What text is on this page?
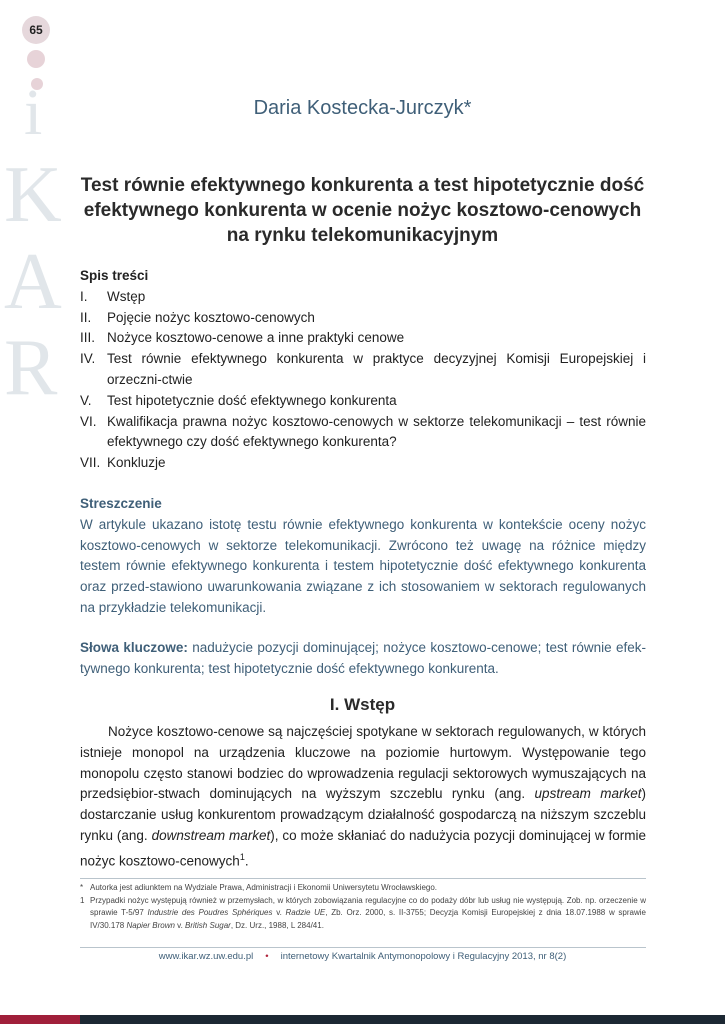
65
i
K
A
R
Daria Kostecka-Jurczyk*
Test równie efektywnego konkurenta a test hipotetycznie dość efektywnego konkurenta w ocenie nożyc kosztowo-cenowych na rynku telekomunikacyjnym
Spis treści
I.	Wstęp
II.	Pojęcie nożyc kosztowo-cenowych
III. Nożyce kosztowo-cenowe a inne praktyki cenowe
IV. Test równie efektywnego konkurenta w praktyce decyzyjnej Komisji Europejskiej i orzeczni-ctwie
V.	Test hipotetycznie dość efektywnego konkurenta
VI. Kwalifikacja prawna nożyc kosztowo-cenowych w sektorze telekomunikacji – test równie efektywnego czy dość efektywnego konkurenta?
VII. Konkluzje
Streszczenie
W artykule ukazano istotę testu równie efektywnego konkurenta w kontekście oceny nożyc kosztowo-cenowych w sektorze telekomunikacji. Zwrócono też uwagę na różnice między testem równie efektywnego konkurenta i testem hipotetycznie dość efektywnego konkurenta oraz przed-stawiono uwarunkowania związane z ich stosowaniem w sektorach regulowanych na przykładzie telekomunikacji.
Słowa kluczowe: nadużycie pozycji dominującej; nożyce kosztowo-cenowe; test równie efek-tywnego konkurenta; test hipotetycznie dość efektywnego konkurenta.
I. Wstęp
Nożyce kosztowo-cenowe są najczęściej spotykane w sektorach regulowanych, w których istnieje monopol na urządzenia kluczowe na poziomie hurtowym. Występowanie tego monopolu często stanowi bodziec do wprowadzenia regulacji sektorowych wymuszających na przedsiębior-stwach dominujących na wyższym szczeblu rynku (ang. upstream market) dostarczanie usług konkurentom prowadzącym działalność gospodarczą na niższym szczeblu rynku (ang. downstream market), co może skłaniać do nadużycia pozycji dominującej w formie nożyc kosztowo-cenowych$^1$.
* Autorka jest adiunktem na Wydziale Prawa, Administracji i Ekonomii Uniwersytetu Wrocławskiego.
1 Przypadki nożyc występują również w przemysłach, w których zobowiązania regulacyjne co do podaży dóbr lub usług nie występują. Zob. np. orzeczenie w sprawie T-5/97 Industrie des Poudres Sphériques v. Radzie UE, Zb. Orz. 2000, s. II-3755; Decyzja Komisji Europejskiej z dnia 18.07.1988 w sprawie IV/30.178 Napier Brown v. British Sugar, Dz. Urz., 1988, L 284/41.
www.ikar.wz.uw.edu.pl • internetowy Kwartalnik Antymonopolowy i Regulacyjny 2013, nr 8(2)
